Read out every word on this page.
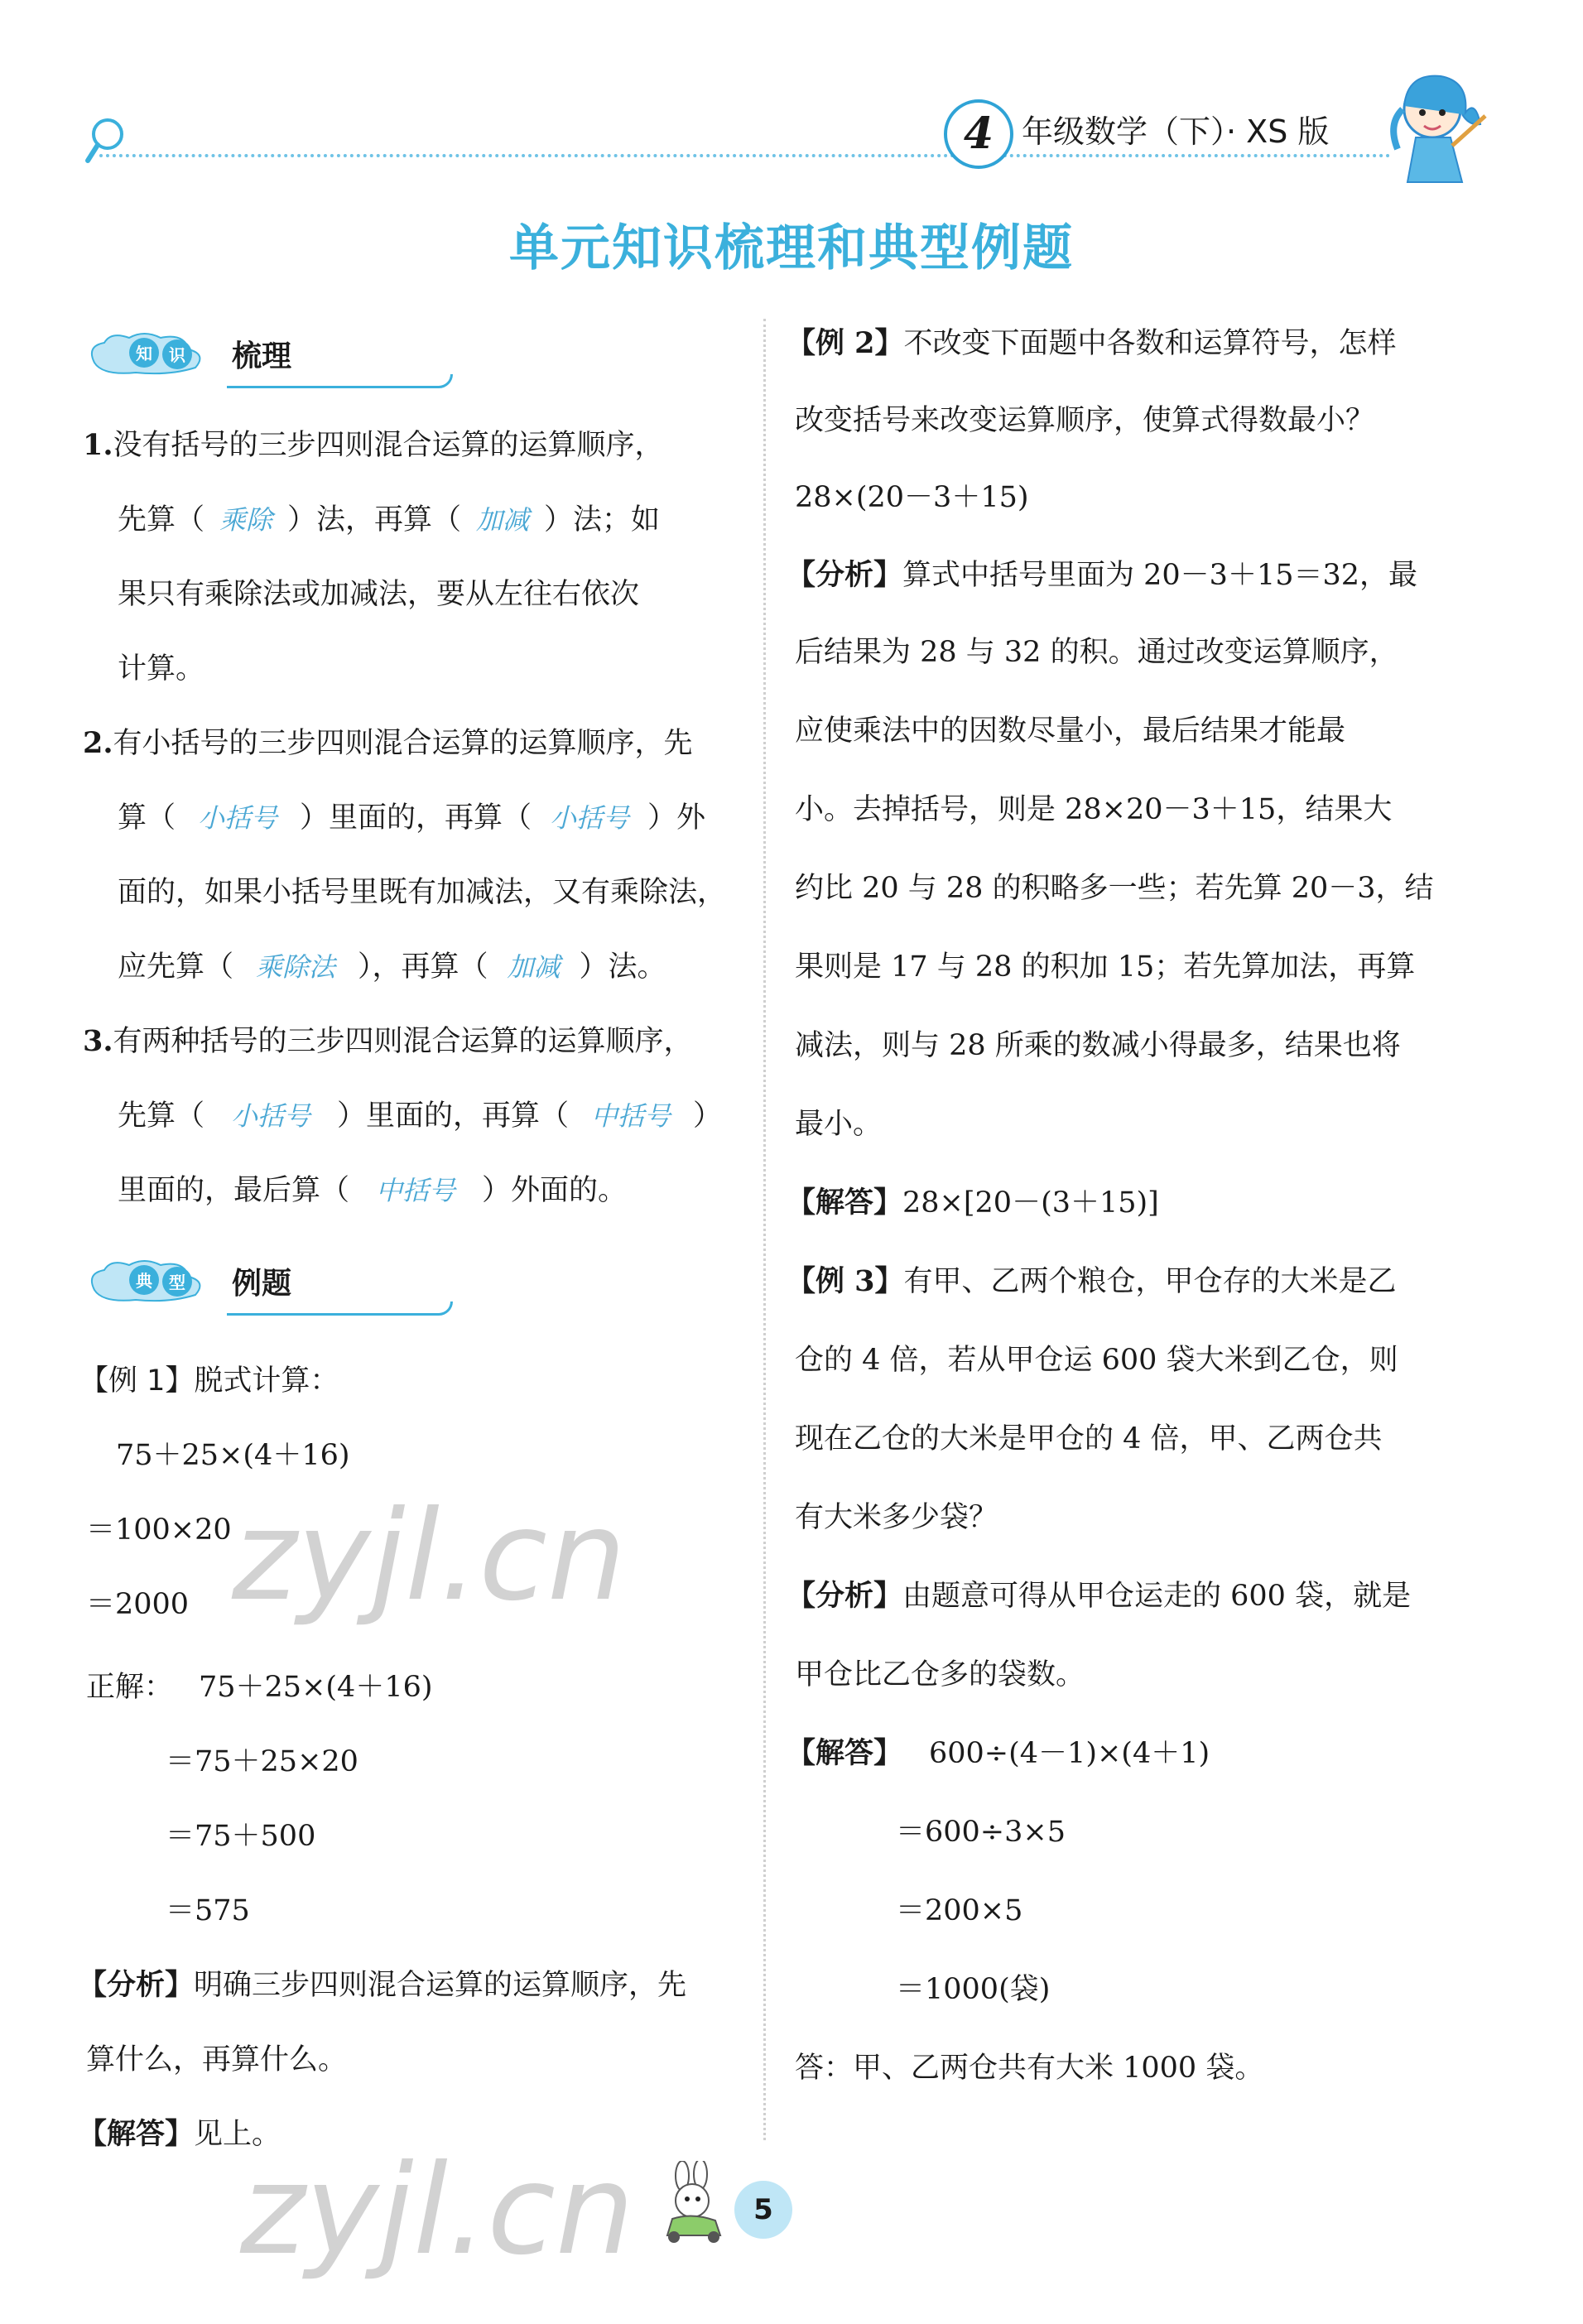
4 年级数学（下）· XS 版
单元知识梳理和典型例题
知 识 梳理
1.没有括号的三步四则混合运算的运算顺序，
先算（ 乘除 ）法，再算（ 加减 ）法；如
果只有乘除法或加减法，要从左往右依次
计算。
2.有小括号的三步四则混合运算的运算顺序，先
算（ 小括号 ）里面的，再算（ 小括号 ）外
面的，如果小括号里既有加减法，又有乘除法，
应先算（ 乘除法 ），再算（ 加减 ）法。
3.有两种括号的三步四则混合运算的运算顺序，
先算（ 小括号 ）里面的，再算（ 中括号 ）
里面的，最后算（ 中括号 ）外面的。
典 型 例题
【例 1】脱式计算：
75＋25×(4＋16)
＝100×20
＝2000
正解： 75＋25×(4＋16)
＝75＋25×20
＝75＋500
＝575
【分析】明确三步四则混合运算的运算顺序，先
算什么，再算什么。
【解答】见上。
【例 2】不改变下面题中各数和运算符号，怎样
改变括号来改变运算顺序，使算式得数最小？
28×(20－3＋15)
【分析】算式中括号里面为 20－3＋15＝32，最
后结果为 28 与 32 的积。通过改变运算顺序，
应使乘法中的因数尽量小，最后结果才能最
小。去掉括号，则是 28×20－3＋15，结果大
约比 20 与 28 的积略多一些；若先算 20－3，结
果则是 17 与 28 的积加 15；若先算加法，再算
减法，则与 28 所乘的数减小得最多，结果也将
最小。
【解答】28×[20－(3＋15)]
【例 3】有甲、乙两个粮仓，甲仓存的大米是乙
仓的 4 倍，若从甲仓运 600 袋大米到乙仓，则
现在乙仓的大米是甲仓的 4 倍，甲、乙两仓共
有大米多少袋？
【分析】由题意可得从甲仓运走的 600 袋，就是
甲仓比乙仓多的袋数。
【解答】 600÷(4－1)×(4＋1)
＝600÷3×5
＝200×5
＝1000(袋)
答：甲、乙两仓共有大米 1000 袋。
zyjl.cn
zyjl.cn	5
